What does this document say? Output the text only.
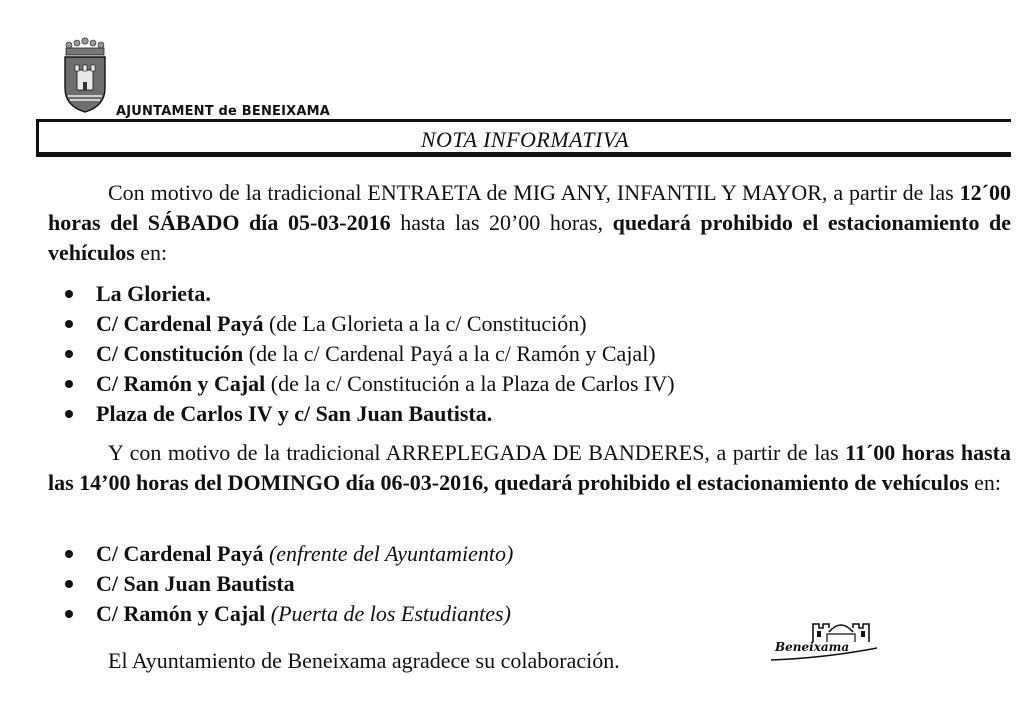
AJUNTAMENT de BENEIXAMA
NOTA INFORMATIVA
Con motivo de la tradicional ENTRAETA de MIG ANY, INFANTIL Y MAYOR, a partir de las 12´00 horas del SÁBADO día 05-03-2016 hasta las 20’00 horas, quedará prohibido el estacionamiento de vehículos en:
La Glorieta.
C/ Cardenal Payá (de La Glorieta a la c/ Constitución)
C/ Constitución (de la c/ Cardenal Payá a la c/ Ramón y Cajal)
C/ Ramón y Cajal (de la c/ Constitución a la Plaza de Carlos IV)
Plaza de Carlos IV y c/ San Juan Bautista.
Y con motivo de la tradicional ARREPLEGADA DE BANDERES, a partir de las 11´00 horas hasta las 14’00 horas del DOMINGO día 06-03-2016, quedará prohibido el estacionamiento de vehículos en:
C/ Cardenal Payá (enfrente del Ayuntamiento)
C/ San Juan Bautista
C/ Ramón y Cajal (Puerta de los Estudiantes)
El Ayuntamiento de Beneixama agradece su colaboración.
Beneixama
